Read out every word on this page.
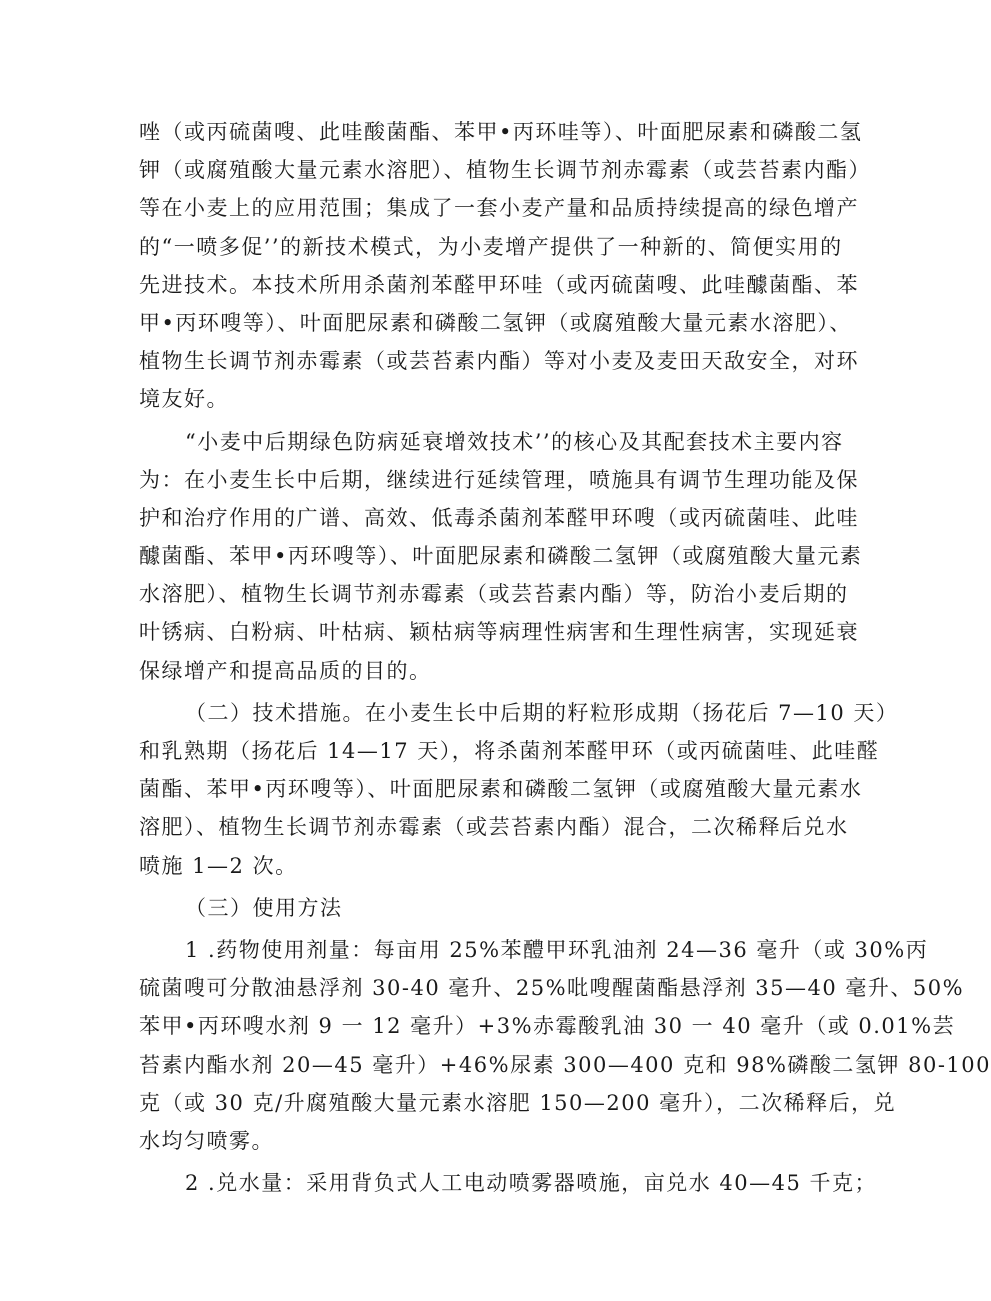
唑（或丙硫菌嗖、此哇酸菌酯、苯甲•丙环哇等）、叶面肥尿素和磷酸二氢
钾（或腐殖酸大量元素水溶肥）、植物生长调节剂赤霉素（或芸苔素内酯）
等在小麦上的应用范围；集成了一套小麦产量和品质持续提高的绿色增产
的“一喷多促’’的新技术模式，为小麦增产提供了一种新的、简便实用的
先进技术。本技术所用杀菌剂苯醛甲环哇（或丙硫菌嗖、此哇醵菌酯、苯
甲•丙环嗖等）、叶面肥尿素和磷酸二氢钾（或腐殖酸大量元素水溶肥）、
植物生长调节剂赤霉素（或芸苔素内酯）等对小麦及麦田天敌安全，对环
境友好。
“小麦中后期绿色防病延衰增效技术’’的核心及其配套技术主要内容
为：在小麦生长中后期，继续进行延续管理，喷施具有调节生理功能及保
护和治疗作用的广谱、高效、低毒杀菌剂苯醛甲环嗖（或丙硫菌哇、此哇
醵菌酯、苯甲•丙环嗖等）、叶面肥尿素和磷酸二氢钾（或腐殖酸大量元素
水溶肥）、植物生长调节剂赤霉素（或芸苔素内酯）等，防治小麦后期的
叶锈病、白粉病、叶枯病、颖枯病等病理性病害和生理性病害，实现延衰
保绿增产和提高品质的目的。
（二）技术措施。在小麦生长中后期的籽粒形成期（扬花后 7—10 天）
和乳熟期（扬花后 14—17 天），将杀菌剂苯醛甲环（或丙硫菌哇、此哇醛
菌酯、苯甲•丙环嗖等）、叶面肥尿素和磷酸二氢钾（或腐殖酸大量元素水
溶肥）、植物生长调节剂赤霉素（或芸苔素内酯）混合，二次稀释后兑水
喷施 1—2 次。
（三）使用方法
1 .药物使用剂量：每亩用 25%苯醴甲环乳油剂 24—36 毫升（或 30%丙
硫菌嗖可分散油悬浮剂 30-40 毫升、25%吡嗖醒菌酯悬浮剂 35—40 毫升、50%
苯甲•丙环嗖水剂 9 一 12 毫升）+3%赤霉酸乳油 30 一 40 毫升（或 0.01%芸
苔素内酯水剂 20—45 毫升）+46%尿素 300—400 克和 98%磷酸二氢钾 80-100
克（或 30 克/升腐殖酸大量元素水溶肥 150—200 毫升），二次稀释后，兑
水均匀喷雾。
2 .兑水量：采用背负式人工电动喷雾器喷施，亩兑水 40—45 千克；
